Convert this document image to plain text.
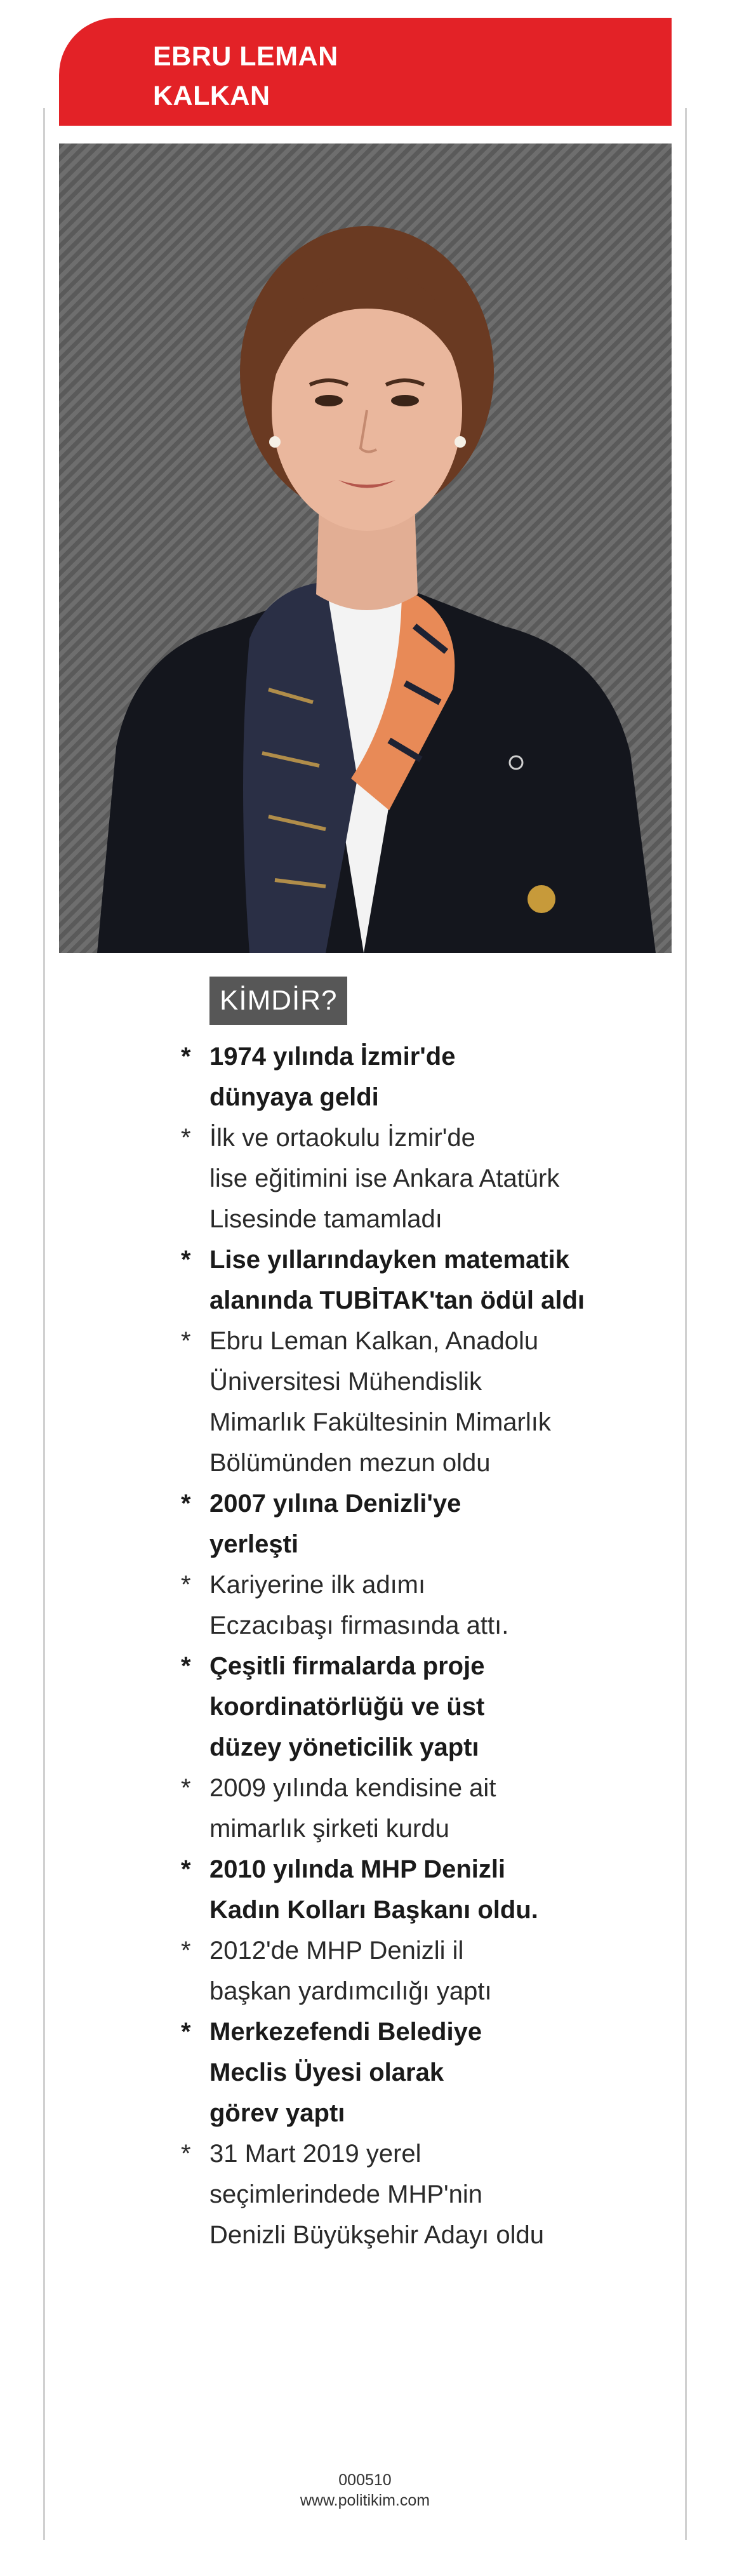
EBRU LEMAN
KALKAN
KİMDİR?
* 1974 yılında İzmir'de
dünyaya geldi
* İlk ve ortaokulu İzmir'de
lise eğitimini ise Ankara Atatürk
Lisesinde tamamladı
* Lise yıllarındayken matematik
alanında TUBİTAK'tan ödül aldı
* Ebru Leman Kalkan, Anadolu
Üniversitesi Mühendislik
Mimarlık Fakültesinin Mimarlık
Bölümünden mezun oldu
* 2007 yılına Denizli'ye
yerleşti
* Kariyerine ilk adımı
Eczacıbaşı firmasında attı.
* Çeşitli firmalarda proje
koordinatörlüğü ve üst
düzey yöneticilik yaptı
* 2009 yılında kendisine ait
mimarlık şirketi kurdu
* 2010 yılında MHP Denizli
Kadın Kolları Başkanı oldu.
* 2012'de MHP Denizli il
başkan yardımcılığı yaptı
* Merkezefendi Belediye
Meclis Üyesi olarak
görev yaptı
* 31 Mart 2019 yerel
seçimlerindede MHP'nin
Denizli Büyükşehir Adayı oldu
000510
www.politikim.com
